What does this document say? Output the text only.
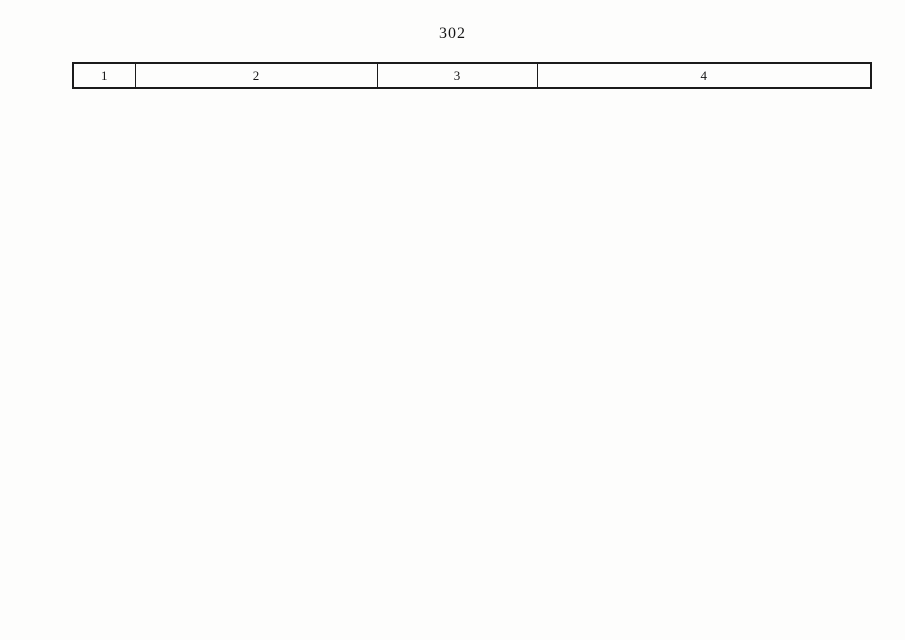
302
1	2	3	4
